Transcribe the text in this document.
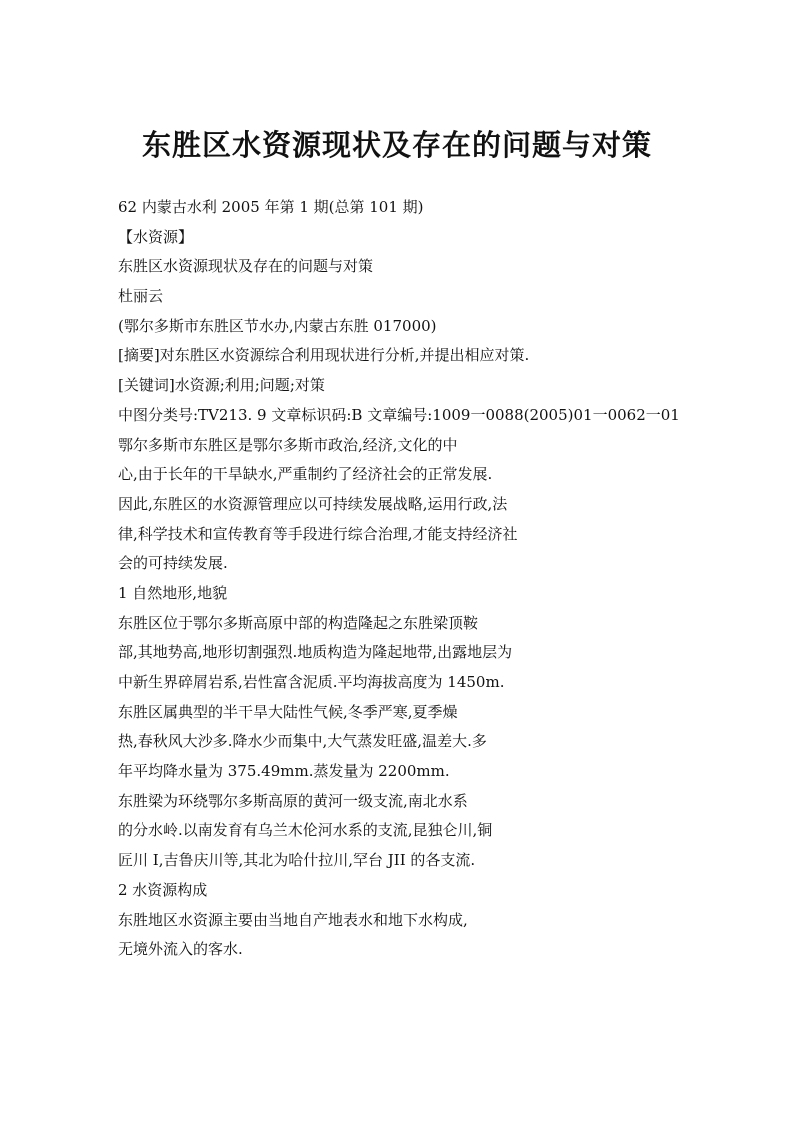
东胜区水资源现状及存在的问题与对策
62 内蒙古水利 2005 年第 1 期(总第 101 期)
【水资源】
东胜区水资源现状及存在的问题与对策
杜丽云
(鄂尔多斯市东胜区节水办,内蒙古东胜 017000)
[摘要]对东胜区水资源综合利用现状进行分析,并提出相应对策.
[关键词]水资源;利用;问题;对策
中图分类号:TV213. 9 文章标识码:B 文章编号:1009一0088(2005)01一0062一01
鄂尔多斯市东胜区是鄂尔多斯市政治,经济,文化的中
心,由于长年的干旱缺水,严重制约了经济社会的正常发展.
因此,东胜区的水资源管理应以可持续发展战略,运用行政,法
律,科学技术和宣传教育等手段进行综合治理,才能支持经济社
会的可持续发展.
1 自然地形,地貌
东胜区位于鄂尔多斯高原中部的构造隆起之东胜梁顶鞍
部,其地势高,地形切割强烈.地质构造为隆起地带,出露地层为
中新生界碎屑岩系,岩性富含泥质.平均海拔高度为 1450m.
东胜区属典型的半干旱大陆性气候,冬季严寒,夏季燥
热,春秋风大沙多.降水少而集中,大气蒸发旺盛,温差大.多
年平均降水量为 375.49mm.蒸发量为 2200mm.
东胜梁为环绕鄂尔多斯高原的黄河一级支流,南北水系
的分水岭.以南发育有乌兰木伦河水系的支流,昆独仑川,铜
匠川 I,吉鲁庆川等,其北为哈什拉川,罕台 JII 的各支流.
2 水资源构成
东胜地区水资源主要由当地自产地表水和地下水构成,
无境外流入的客水.
